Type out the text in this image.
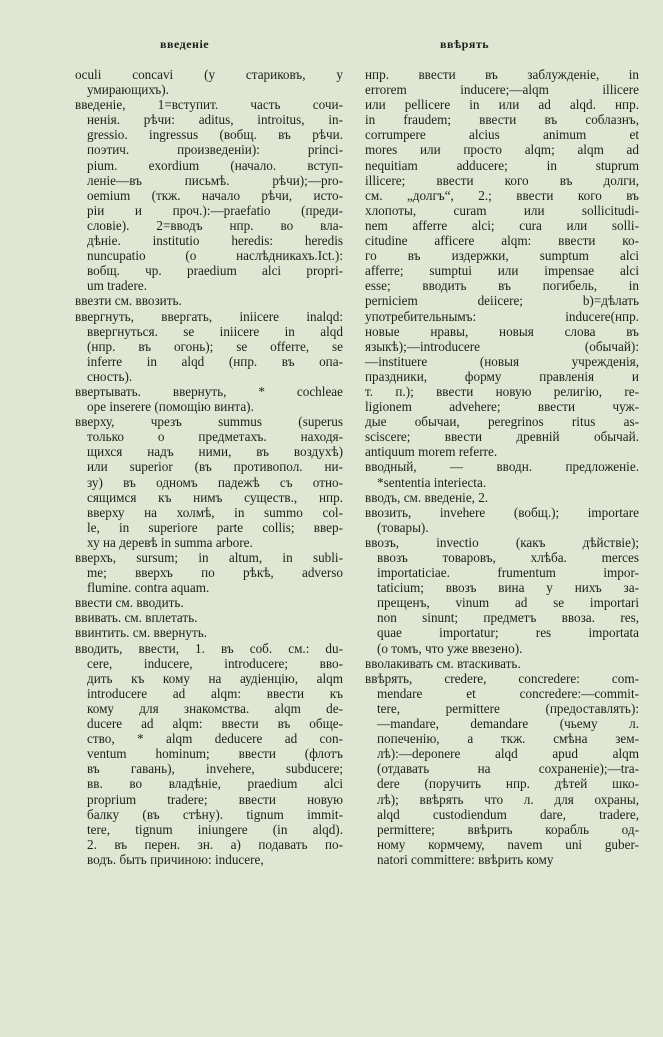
введеніе	ввѣрять
oculi concavi (у стариковъ, у
умирающихъ).
введеніе, 1=вступит. часть сочи-
ненія. рѣчи: aditus, introitus, in-
gressio. ingressus (вобщ. въ рѣчи.
поэтич. произведеніи): princi-
pium. exordium (начало. вступ-
леніе—въ письмѣ. рѣчи);—pro-
oemium (ткж. начало рѣчи, исто-
ріи и проч.):—praefatio (преди-
словіе). 2=вводъ нпр. во вла-
дѣніе. institutio heredis: heredis
nuncupatio (о наслѣдникахъ.Ict.):
вобщ. чр. praedium alci propri-
um tradere.
ввезти см. ввозить.
ввергнуть, ввергать, iniicere inalqd:
ввергнуться. se iniicere in alqd
(нпр. въ огонь); se offerre, se
inferre in alqd (нпр. въ опа-
сность).
ввертывать. ввернуть, * cochleae
ope inserere (помощію винта).
вверху, чрезъ summus (superus
только о предметахъ. находя-
щихся надъ ними, въ воздухѣ)
или superior (въ противопол. ни-
зу) въ одномъ падежѣ съ отно-
сящимся къ нимъ существ., нпр.
вверху на холмѣ, in summo col-
le, in superiore parte collis; ввер-
ху на деревѣ in summa arbore.
вверхъ, sursum; in altum, in subli-
me; вверхъ по рѣкѣ, adverso
flumine. contra aquam.
ввести см. вводить.
ввивать. см. вплетать.
ввинтить. см. ввернуть.
вводить, ввести, 1. въ соб. см.: du-
cere, inducere, introducere; вво-
дить къ кому на аудіенцію, alqm
introducere ad alqm: ввести къ
кому для знакомства. alqm de-
ducere ad alqm: ввести въ обще-
ство, * alqm deducere ad con-
ventum hominum; ввести (флотъ
въ гавань), invehere, subducere;
вв. во владѣніе, praedium alci
proprium tradere; ввести новую
балку (въ стѣну). tignum immit-
tere, tignum iniungere (in alqd).
2. въ перен. зн. а) подавать по-
водъ. быть причиною: inducere,
нпр. ввести въ заблужденіе, in
errorem inducere;—alqm illicere
или pellicere in или ad alqd. нпр.
in fraudem; ввести въ соблазнъ,
corrumpere alcius animum et
mores или просто alqm; alqm ad
nequitiam adducere; in stuprum
illicere; ввести кого въ долги,
см. „долгъ“, 2.; ввести кого въ
хлопоты, curam или sollicitudi-
nem afferre alci; cura или solli-
citudine afficere alqm: ввести ко-
го въ издержки, sumptum alci
afferre; sumptui или impensae alci
esse; вводить въ погибель, in
perniciem deiicere; b)=дѣлать
употребительнымъ: inducere(нпр.
новые нравы, новыя слова въ
языкѣ);—introducere (обычай):
—instituere (новыя учрежденія,
праздники, форму правленія и
т. п.); ввести новую религію, re-
ligionem advehere; ввести чуж-
дые обычаи, peregrinos ritus as-
sciscere; ввести древній обычай.
antiquum morem referre.
вводный, — вводн. предложеніе.
*sententia interiecta.
вводъ, см. введеніе, 2.
ввозить, invehere (вобщ.); importare
(товары).
ввозъ, invectio (какъ дѣйствіе);
ввозъ товаровъ, хлѣба. merces
importaticiae. frumentum impor-
taticium; ввозъ вина у нихъ за-
прещенъ, vinum ad se importari
non sinunt; предметъ ввоза. res,
quae importatur; res importata
(о томъ, что уже ввезено).
вволакивать см. втаскивать.
ввѣрять, credere, concredere: com-
mendare et concredere:—commit-
tere, permittere (предоставлять):
—mandare, demandare (чьему л.
попеченію, а ткж. смѣна зем-
лѣ):—deponere alqd apud alqm
(отдавать на сохраненіе);—tra-
dere (поручить нпр. дѣтей шко-
лѣ); ввѣрять что л. для охраны,
alqd custodiendum dare, tradere,
permittere; ввѣрить корабль од-
ному кормчему, navem uni guber-
natori committere: ввѣрить кому
